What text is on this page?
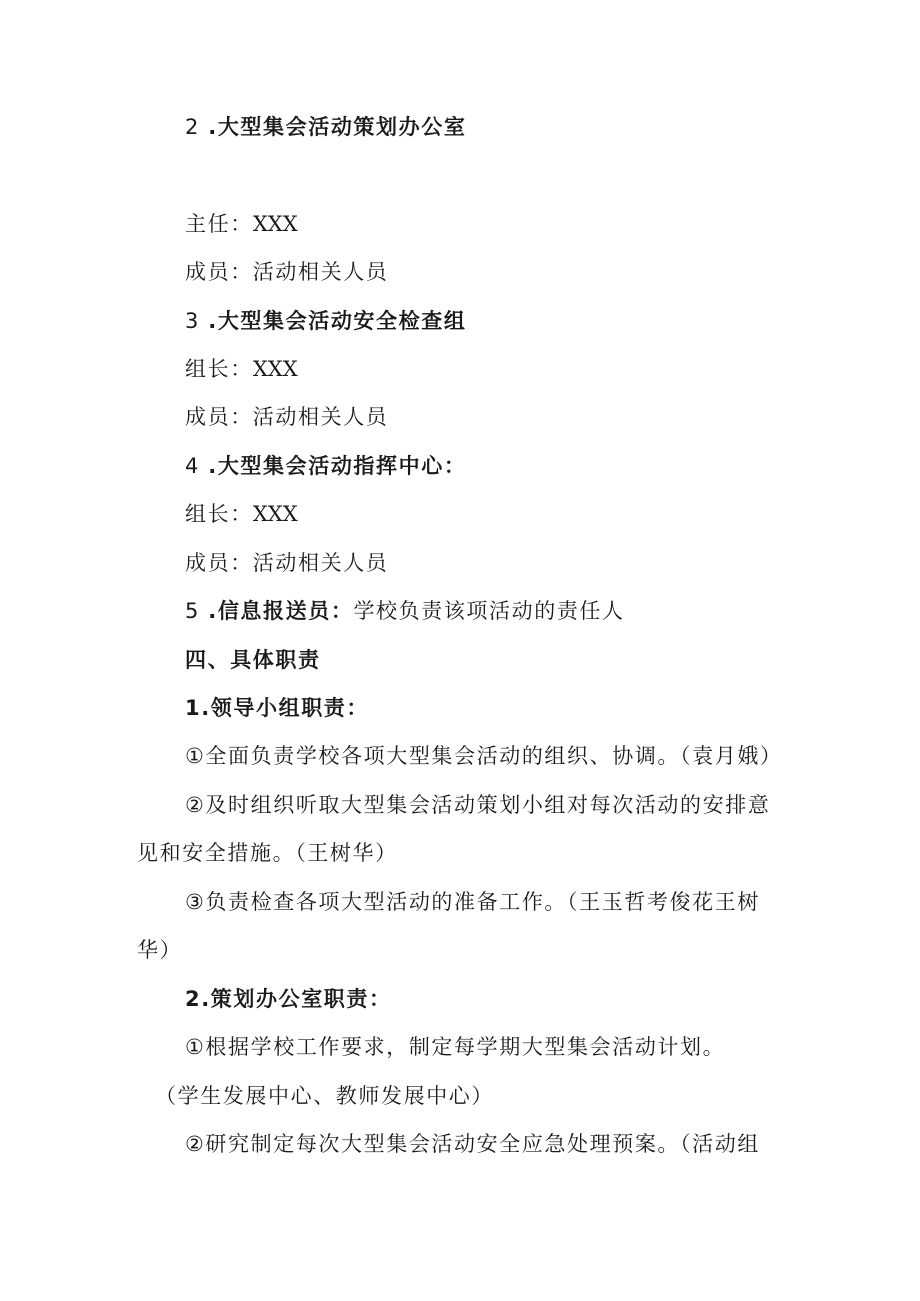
2 .大型集会活动策划办公室
主任：XXX
成员：活动相关人员
3 .大型集会活动安全检查组
组长：XXX
成员：活动相关人员
4 .大型集会活动指挥中心：
组长：XXX
成员：活动相关人员
5 .信息报送员：学校负责该项活动的责任人
四、具体职责
1.领导小组职责：
①全面负责学校各项大型集会活动的组织、协调。（袁月娥）
②及时组织听取大型集会活动策划小组对每次活动的安排意
见和安全措施。（王树华）
③负责检查各项大型活动的准备工作。（王玉哲考俊花王树
华）
2.策划办公室职责：
①根据学校工作要求，制定每学期大型集会活动计划。
（学生发展中心、教师发展中心）
②研究制定每次大型集会活动安全应急处理预案。（活动组
